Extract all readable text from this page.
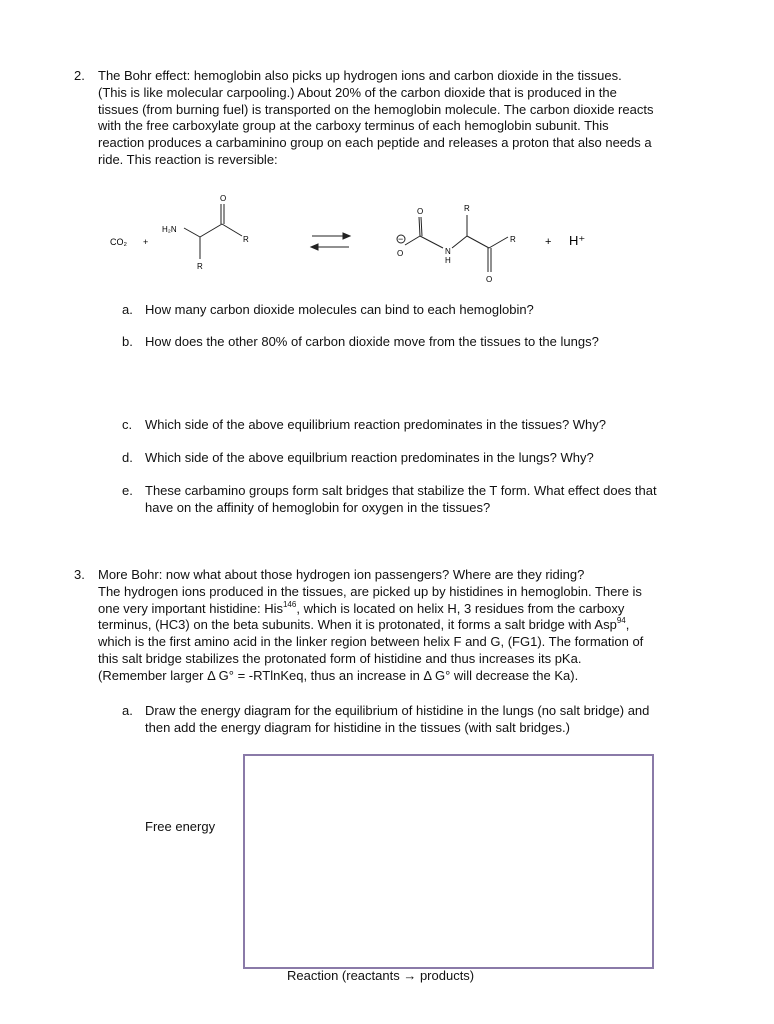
2.	The Bohr effect: hemoglobin also picks up hydrogen ions and carbon dioxide in the tissues.
(This is like molecular carpooling.) About 20% of the carbon dioxide that is produced in the
tissues (from burning fuel) is transported on the hemoglobin molecule. The carbon dioxide reacts
with the free carboxylate group at the carboxy terminus of each hemoglobin subunit. This
reaction produces a carbaminino group on each peptide and releases a proton that also needs a
ride. This reaction is reversible:
CO₂ +
H₂N
O
R
R
O	R
R
O
−
N
H
O
+ H⁺
a. How many carbon dioxide molecules can bind to each hemoglobin?
b. How does the other 80% of carbon dioxide move from the tissues to the lungs?
c. Which side of the above equilibrium reaction predominates in the tissues? Why?
d. Which side of the above equilbrium reaction predominates in the lungs? Why?
e. These carbamino groups form salt bridges that stabilize the T form. What effect does that
have on the affinity of hemoglobin for oxygen in the tissues?
3.	More Bohr: now what about those hydrogen ion passengers? Where are they riding?
The hydrogen ions produced in the tissues, are picked up by histidines in hemoglobin. There is
one very important histidine: His$^{146}$, which is located on helix H, 3 residues from the carboxy
terminus, (HC3) on the beta subunits. When it is protonated, it forms a salt bridge with Asp$^{94}$,
which is the first amino acid in the linker region between helix F and G, (FG1). The formation of
this salt bridge stabilizes the protonated form of histidine and thus increases its pKa.
(Remember larger Δ G° = -RTlnKeq, thus an increase in Δ G° will decrease the Ka).
a. Draw the energy diagram for the equilibrium of histidine in the lungs (no salt bridge) and
then add the energy diagram for histidine in the tissues (with salt bridges.)
Free energy
Reaction (reactants → products)
